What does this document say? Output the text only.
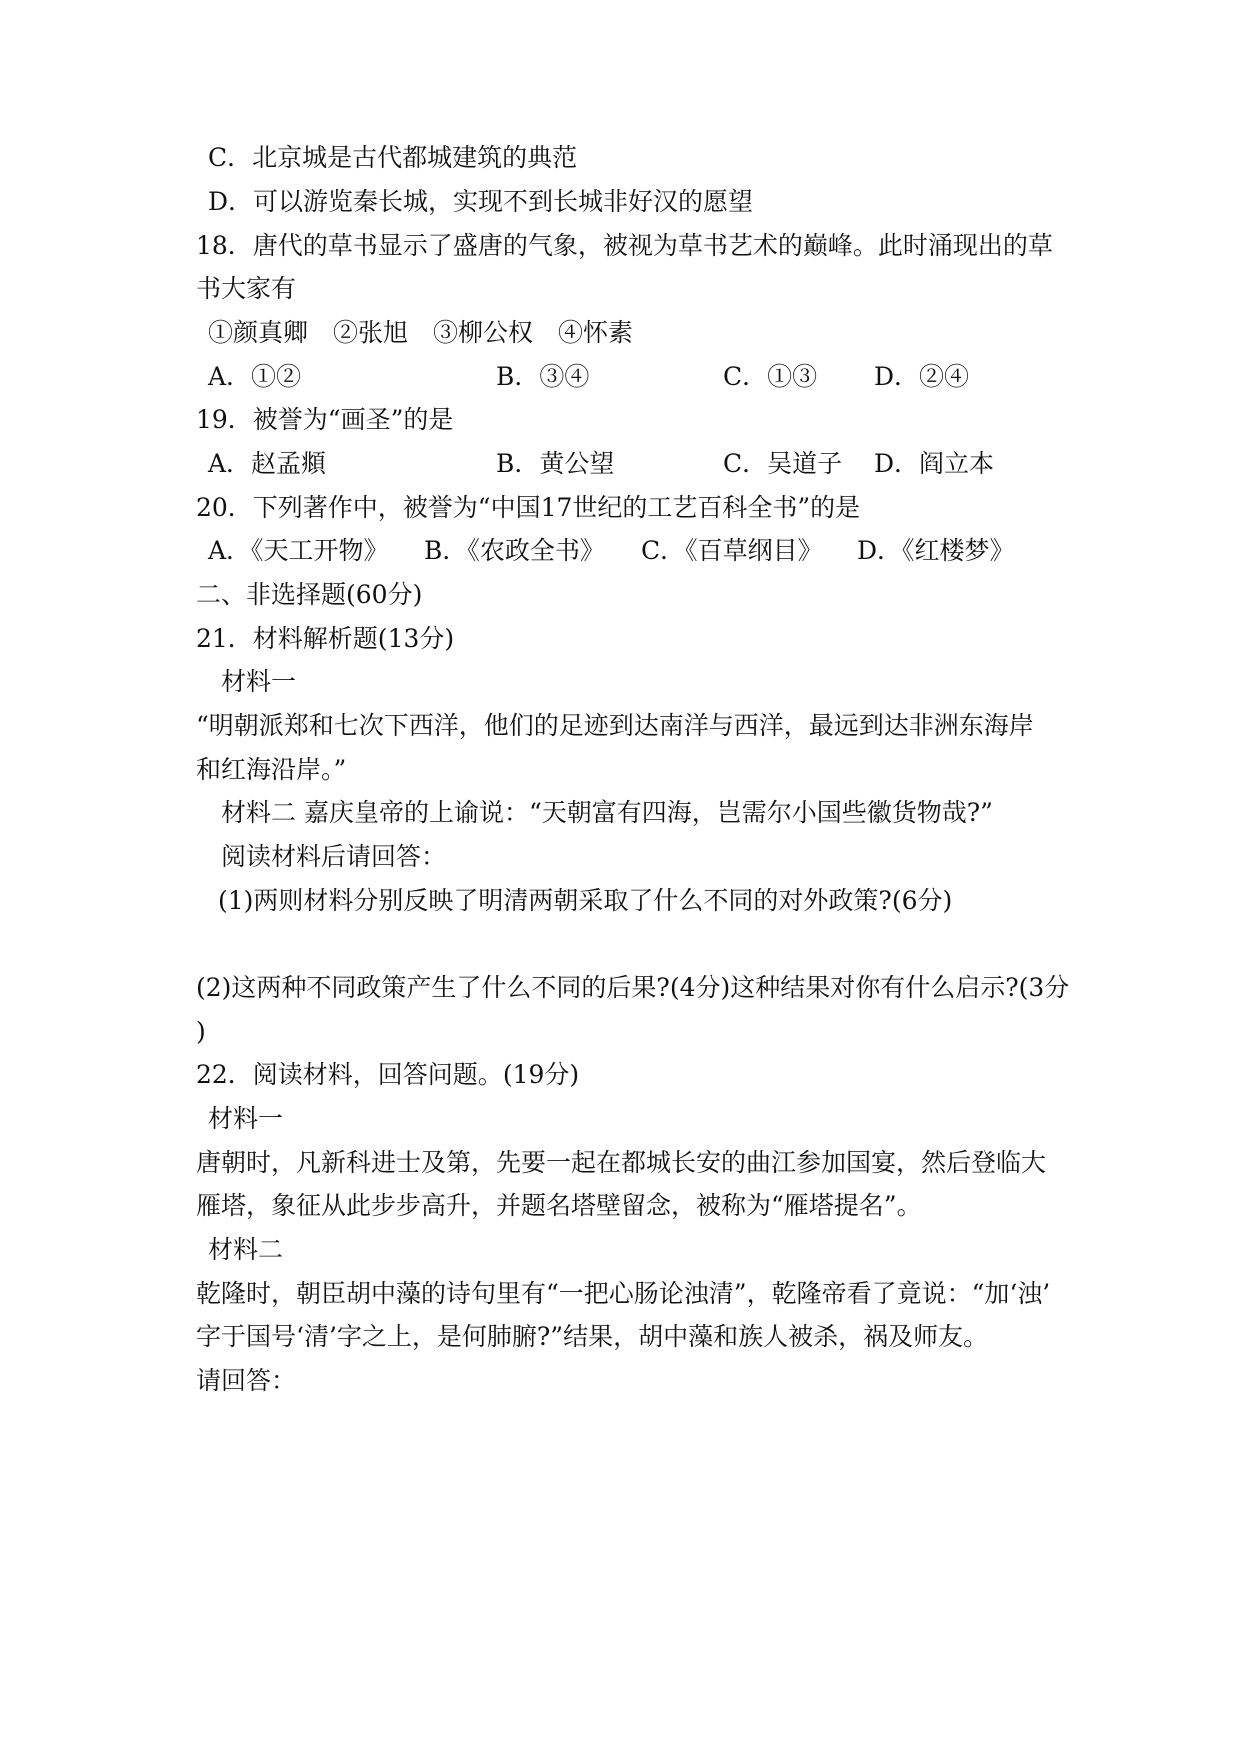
C．北京城是古代都城建筑的典范

D．可以游览秦长城，实现不到长城非好汉的愿望

18．唐代的草书显示了盛唐的气象，被视为草书艺术的巅峰。此时涌现出的草

书大家有

①颜真卿　②张旭　③柳公权　④怀素

A．①②	B．③④	C．①③ D．②④

19．被誉为“画圣”的是

A．赵孟頫	B．黄公望	C．吴道子 D．阎立本

20．下列著作中，被誉为“中国17世纪的工艺百科全书”的是

A．《天工开物》 B．《农政全书》 C．《百草纲目》 D．《红楼梦》
二、非选择题(60分)

21．材料解析题(13分)

材料一

“明朝派郑和七次下西洋，他们的足迹到达南洋与西洋，最远到达非洲东海岸

和红海沿岸。”

材料二 嘉庆皇帝的上谕说：“天朝富有四海，岂需尔小国些徽货物哉?”

阅读材料后请回答：

(1)两则材料分别反映了明清两朝采取了什么不同的对外政策?(6分)

(2)这两种不同政策产生了什么不同的后果?(4分)这种结果对你有什么启示?(3分

)

22．阅读材料，回答问题。(19分)

材料一

唐朝时，凡新科进士及第，先要一起在都城长安的曲江参加国宴，然后登临大

雁塔，象征从此步步高升，并题名塔壁留念，被称为“雁塔提名”。

材料二

乾隆时，朝臣胡中藻的诗句里有“一把心肠论浊清”，乾隆帝看了竟说：“加‘浊’

字于国号‘清’字之上，是何肺腑?”结果，胡中藻和族人被杀，祸及师友。

请回答：
